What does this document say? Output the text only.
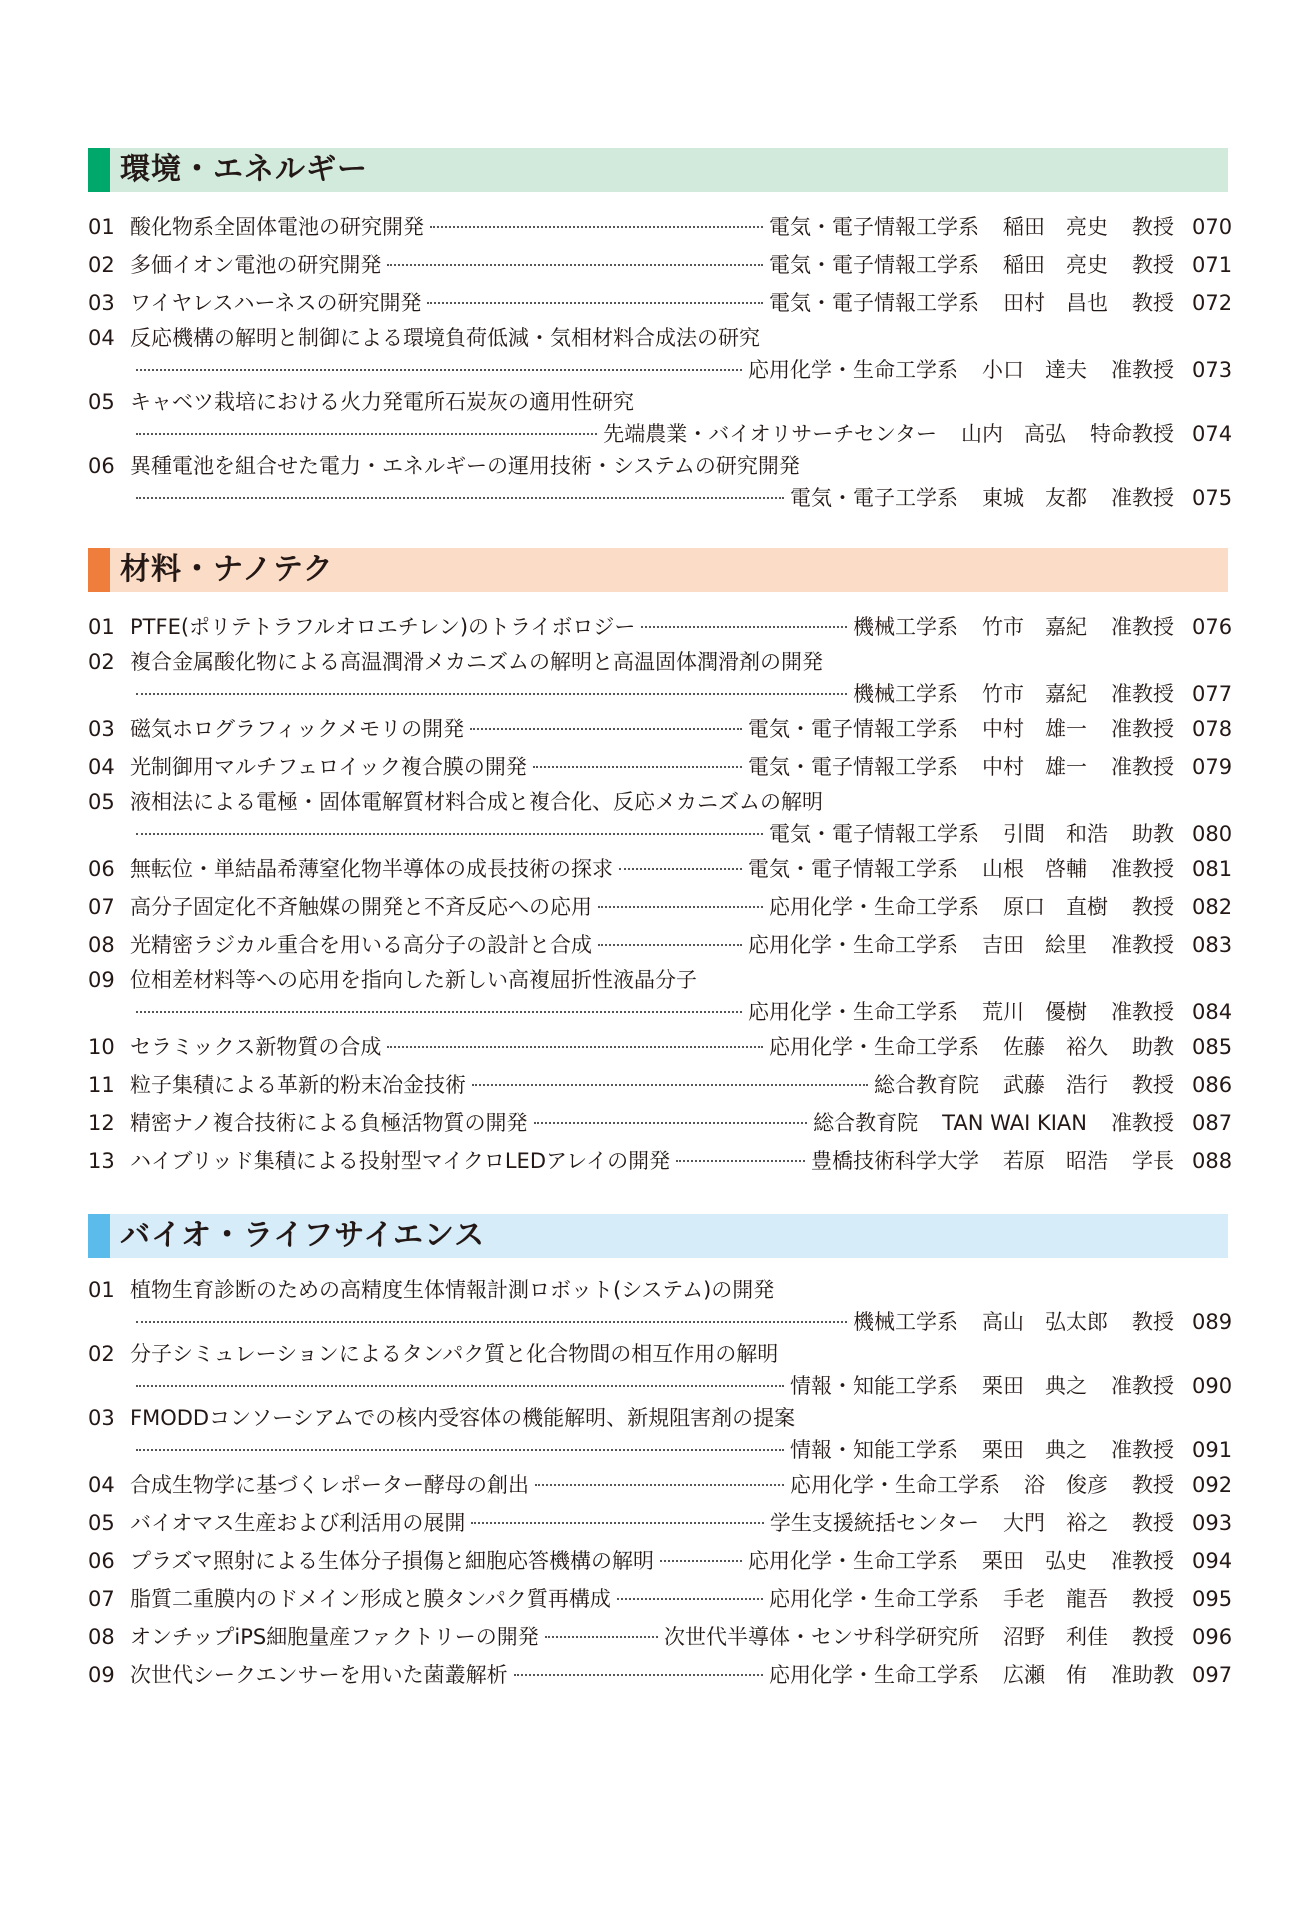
環境・エネルギー
01 酸化物系全固体電池の研究開発	電気・電子情報工学系 稲田　亮史 教授 070
02 多価イオン電池の研究開発	電気・電子情報工学系 稲田　亮史 教授 071
03 ワイヤレスハーネスの研究開発	電気・電子情報工学系 田村　昌也 教授 072
04 反応機構の解明と制御による環境負荷低減・気相材料合成法の研究
応用化学・生命工学系 小口　達夫 准教授 073
05 キャベツ栽培における火力発電所石炭灰の適用性研究
先端農業・バイオリサーチセンター 山内　高弘 特命教授 074
06 異種電池を組合せた電力・エネルギーの運用技術・システムの研究開発
電気・電子工学系 東城　友都 准教授 075
材料・ナノテク
01 PTFE(ポリテトラフルオロエチレン)のトライボロジー	機械工学系 竹市　嘉紀 准教授 076
02 複合金属酸化物による高温潤滑メカニズムの解明と高温固体潤滑剤の開発
機械工学系 竹市　嘉紀 准教授 077
03 磁気ホログラフィックメモリの開発	電気・電子情報工学系 中村　雄一 准教授 078
04 光制御用マルチフェロイック複合膜の開発	電気・電子情報工学系 中村　雄一 准教授 079
05 液相法による電極・固体電解質材料合成と複合化、反応メカニズムの解明
電気・電子情報工学系 引間　和浩 助教 080
06 無転位・単結晶希薄窒化物半導体の成長技術の探求	電気・電子情報工学系 山根　啓輔 准教授 081
07 高分子固定化不斉触媒の開発と不斉反応への応用	応用化学・生命工学系 原口　直樹 教授 082
08 光精密ラジカル重合を用いる高分子の設計と合成	応用化学・生命工学系 吉田　絵里 准教授 083
09 位相差材料等への応用を指向した新しい高複屈折性液晶分子
応用化学・生命工学系 荒川　優樹 准教授 084
10 セラミックス新物質の合成	応用化学・生命工学系 佐藤　裕久 助教 085
11 粒子集積による革新的粉末冶金技術	総合教育院 武藤　浩行 教授 086
12 精密ナノ複合技術による負極活物質の開発	総合教育院 TAN WAI KIAN 准教授 087
13 ハイブリッド集積による投射型マイクロLEDアレイの開発	豊橋技術科学大学 若原　昭浩 学長 088
バイオ・ライフサイエンス
01 植物生育診断のための高精度生体情報計測ロボット(システム)の開発
機械工学系 高山　弘太郎 教授 089
02 分子シミュレーションによるタンパク質と化合物間の相互作用の解明
情報・知能工学系 栗田　典之 准教授 090
03 FMODDコンソーシアムでの核内受容体の機能解明、新規阻害剤の提案
情報・知能工学系 栗田　典之 准教授 091
04 合成生物学に基づくレポーター酵母の創出	応用化学・生命工学系 浴　俊彦 教授 092
05 バイオマス生産および利活用の展開	学生支援統括センター 大門　裕之 教授 093
06 プラズマ照射による生体分子損傷と細胞応答機構の解明	応用化学・生命工学系 栗田　弘史 准教授 094
07 脂質二重膜内のドメイン形成と膜タンパク質再構成	応用化学・生命工学系 手老　龍吾 教授 095
08 オンチップiPS細胞量産ファクトリーの開発	次世代半導体・センサ科学研究所 沼野　利佳 教授 096
09 次世代シークエンサーを用いた菌叢解析	応用化学・生命工学系 広瀬　侑 准助教 097
